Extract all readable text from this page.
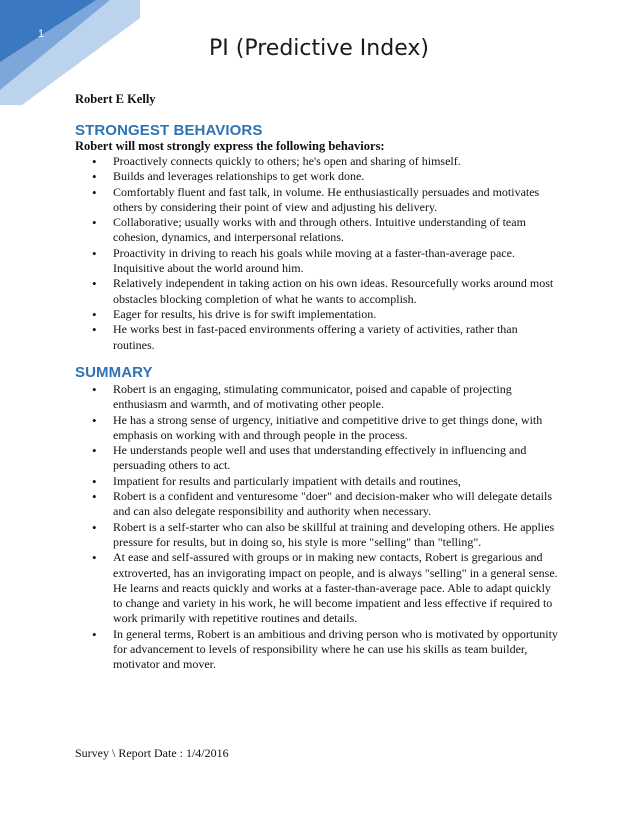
1
PI (Predictive Index)
Robert E Kelly
STRONGEST BEHAVIORS
Robert will most strongly express the following behaviors:
• Proactively connects quickly to others; he's open and sharing of himself.
• Builds and leverages relationships to get work done.
• Comfortably fluent and fast talk, in volume. He enthusiastically persuades and motivates others by considering their point of view and adjusting his delivery.
• Collaborative; usually works with and through others. Intuitive understanding of team cohesion, dynamics, and interpersonal relations.
• Proactivity in driving to reach his goals while moving at a faster-than-average pace. Inquisitive about the world around him.
• Relatively independent in taking action on his own ideas. Resourcefully works around most obstacles blocking completion of what he wants to accomplish.
• Eager for results, his drive is for swift implementation.
• He works best in fast-paced environments offering a variety of activities, rather than routines.
SUMMARY
• Robert is an engaging, stimulating communicator, poised and capable of projecting enthusiasm and warmth, and of motivating other people.
• He has a strong sense of urgency, initiative and competitive drive to get things done, with emphasis on working with and through people in the process.
• He understands people well and uses that understanding effectively in influencing and persuading others to act.
• Impatient for results and particularly impatient with details and routines,
• Robert is a confident and venturesome "doer" and decision-maker who will delegate details and can also delegate responsibility and authority when necessary.
• Robert is a self-starter who can also be skillful at training and developing others. He applies pressure for results, but in doing so, his style is more "selling" than "telling".
• At ease and self-assured with groups or in making new contacts, Robert is gregarious and extroverted, has an invigorating impact on people, and is always "selling" in a general sense. He learns and reacts quickly and works at a faster-than-average pace. Able to adapt quickly to change and variety in his work, he will become impatient and less effective if required to work primarily with repetitive routines and details.
• In general terms, Robert is an ambitious and driving person who is motivated by opportunity for advancement to levels of responsibility where he can use his skills as team builder, motivator and mover.
Survey \ Report Date : 1/4/2016
